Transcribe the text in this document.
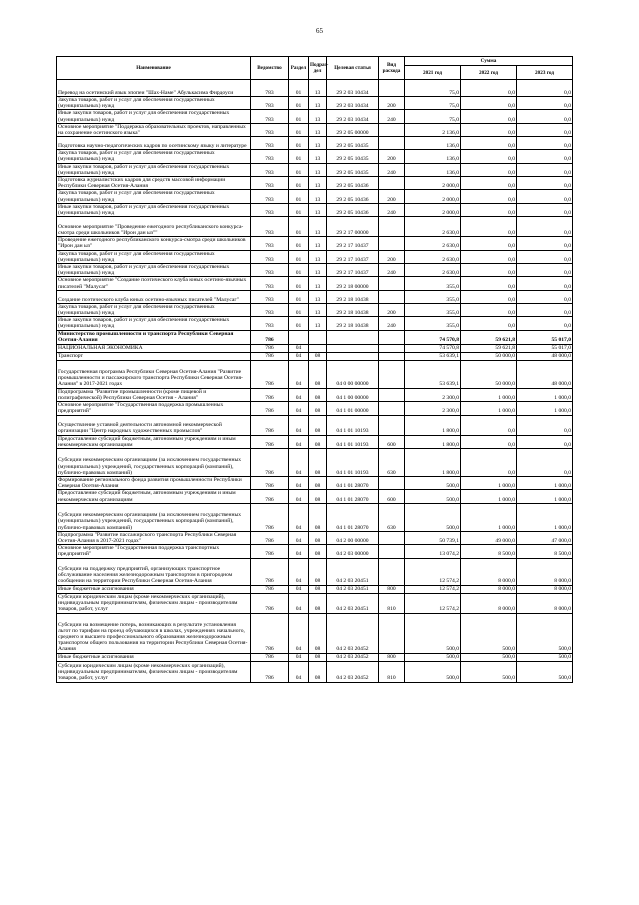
65
Наименование	Ведомство	Раздел	Подраз-дел	Целевая статья	Вид расхода	Сумма		
						2021 год	2022 год	2023 год
Перевод на осетинский язык эпопеи "Шах-Наме" Абулькасима Фирдоуси	783	01	13	29 2 03 10434		75,0	0,0	0,0
Закупка товаров, работ и услуг для обеспечения государственных (муниципальных) нужд	783	01	13	29 2 03 10434	200	75,0	0,0	0,0
Иные закупки товаров, работ и услуг для обеспечения государственных (муниципальных) нужд	783	01	13	29 2 03 10434	240	75,0	0,0	0,0
Основное мероприятие "Поддержка образовательных проектов, направленных на сохранение осетинского языка"	783	01	13	29 2 05 00000		2 136,0	0,0	0,0
Подготовка научно-педагогических кадров по осетинскому языку и литературе	783	01	13	29 2 05 10435		136,0	0,0	0,0
Закупка товаров, работ и услуг для обеспечения государственных (муниципальных) нужд	783	01	13	29 2 05 10435	200	136,0	0,0	0,0
Иные закупки товаров, работ и услуг для обеспечения государственных (муниципальных) нужд	783	01	13	29 2 05 10435	240	136,0	0,0	0,0
Подготовка журналистских кадров для средств массовой информации Республики Северная Осетия-Алания	783	01	13	29 2 05 10436		2 000,0	0,0	0,0
Закупка товаров, работ и услуг для обеспечения государственных (муниципальных) нужд	783	01	13	29 2 05 10436	200	2 000,0	0,0	0,0
Иные закупки товаров, работ и услуг для обеспечения государственных (муниципальных) нужд	783	01	13	29 2 05 10436	240	2 000,0	0,0	0,0
Основное мероприятие "Проведение ежегодного республиканского конкурса-смотра среди школьников "Ирон дан ыз""	783	01	13	29 2 17 00000		2 630,0	0,0	0,0
Проведение ежегодного республиканского конкурса-смотра среди школьников "Ирон дан ыз"	783	01	13	29 2 17 10437		2 630,0	0,0	0,0
Закупка товаров, работ и услуг для обеспечения государственных (муниципальных) нужд	783	01	13	29 2 17 10437	200	2 630,0	0,0	0,0
Иные закупки товаров, работ и услуг для обеспечения государственных (муниципальных) нужд	783	01	13	29 2 17 10437	240	2 630,0	0,0	0,0
Основное мероприятие "Создание поэтического клуба юных осетино-язычных писателей "Малусаг"	783	01	13	29 2 18 00000		355,0	0,0	0,0
Создание поэтического клуба юных осетино-язычных писателей "Малусаг"	783	01	13	29 2 18 10438		355,0	0,0	0,0
Закупка товаров, работ и услуг для обеспечения государственных (муниципальных) нужд	783	01	13	29 2 18 10438	200	355,0	0,0	0,0
Иные закупки товаров, работ и услуг для обеспечения государственных (муниципальных) нужд	783	01	13	29 2 18 10438	240	355,0	0,0	0,0
Министерство промышленности и транспорта Республики Северная Осетия-Алания	786					74 570,8	59 621,8	55 017,0
НАЦИОНАЛЬНАЯ ЭКОНОМИКА	786	04				74 570,8	59 621,8	55 017,0
Транспорт	786	04	08			53 639,1	50 000,0	48 000,0
Государственная программа Республики Северная Осетия-Алания "Развитие промышленности и пассажирского транспорта Республики Северная Осетия-Алания" в 2017-2021 годах	786	04	08	04 0 00 00000		53 639,1	50 000,0	48 000,0
Подпрограмма "Развитие промышленности (кроме пищевой и полиграфической) Республики Северная Осетия - Алания"	786	04	08	04 1 00 00000		2 300,0	1 000,0	1 000,0
Основное мероприятие "Государственная поддержка промышленных предприятий"	786	04	08	04 1 01 00000		2 300,0	1 000,0	1 000,0
Осуществление уставной деятельности автономной некоммерческой организации "Центр народных художественных промыслов"	786	04	08	04 1 01 10193		1 800,0	0,0	0,0
Предоставление субсидий бюджетным, автономным учреждениям и иным некоммерческим организациям	786	04	08	04 1 01 10193	600	1 800,0	0,0	0,0
Субсидии некоммерческим организациям (за исключением государственных (муниципальных) учреждений, государственных корпораций (компаний), публично-правовых компаний)	786	04	08	04 1 01 10193	630	1 800,0	0,0	0,0
Формирование регионального фонда развития промышленности Республики Северная Осетия-Алания	786	04	08	04 1 01 28070		500,0	1 000,0	1 000,0
Предоставление субсидий бюджетным, автономным учреждениям и иным некоммерческим организациям	786	04	08	04 1 01 28070	600	500,0	1 000,0	1 000,0
Субсидии некоммерческим организациям (за исключением государственных (муниципальных) учреждений, государственных корпораций (компаний), публично-правовых компаний)	786	04	08	04 1 01 28070	630	500,0	1 000,0	1 000,0
Подпрограмма "Развитие пассажирского транспорта Республики Северная Осетия-Алания в 2017-2021 годах"	786	04	08	04 2 00 00000		50 739,1	49 000,0	47 000,0
Основное мероприятие "Государственная поддержка транспортных предприятий"	786	04	08	04 2 03 00000		13 074,2	8 500,0	8 500,0
Субсидии на поддержку предприятий, организующих транспортное обслуживание населения железнодорожным транспортом в пригородном сообщении на территории Республики Северная Осетия-Алания	786	04	08	04 2 03 20451		12 574,2	8 000,0	8 000,0
Иные бюджетные ассигнования	786	04	08	04 2 03 20451	800	12 574,2	8 000,0	8 000,0
Субсидии юридическим лицам (кроме некоммерческих организаций), индивидуальным предпринимателям, физическим лицам - производителям товаров, работ, услуг	786	04	08	04 2 03 20451	810	12 574,2	8 000,0	8 000,0
Субсидии на возмещение потерь, возникающих в результате установления льгот по тарифам на проезд обучающихся в школах, учреждениях начального, среднего и высшего профессионального образования железнодорожным транспортом общего пользования на территории Республики Северная Осетия-Алания	786	04	08	04 2 03 20452		500,0	500,0	500,0
Иные бюджетные ассигнования	786	04	08	04 2 03 20452	800	500,0	500,0	500,0
Субсидии юридическим лицам (кроме некоммерческих организаций), индивидуальным предпринимателям, физическим лицам - производителям товаров, работ, услуг	786	04	08	04 2 03 20452	810	500,0	500,0	500,0
